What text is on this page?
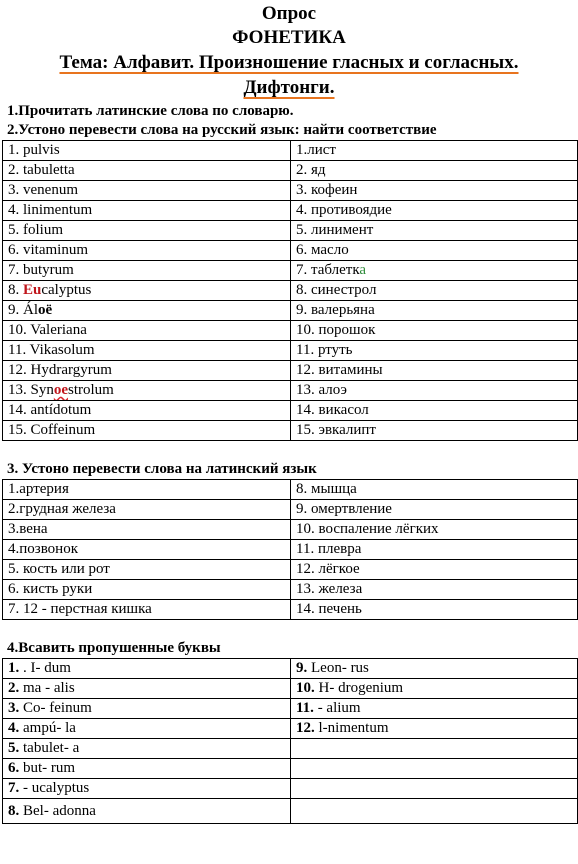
Опрос
ФОНЕТИКА
Тема: Алфавит. Произношение гласных и согласных.
Дифтонги.
1.Прочитать латинские слова по словарю.
2.Устоно перевести слова на русский язык: найти соответствие
1. pulvis	1.лист
2. tabuletta	2. яд
3. venenum	3. кофеин
4. linimentum	4. противоядие
5. folium	5. линимент
6. vitaminum	6. масло
7. butyrum	7. таблетка
8. Eucalyptus	8. синестрол
9. Áloë	9. валерьяна
10. Valeriana	10. порошок
11. Vikasolum	11. ртуть
12. Hydrargyrum	12. витамины
13. Synoestrolum	13. алоэ
14. antídotum	14. викасол
15. Coffeinum	15. эвкалипт
3. Устоно перевести слова на латинский язык
1.артерия	8. мышца
2.грудная железа	9. омертвление
3.вена	10. воспаление лёгких
4.позвонок	11. плевра
5. кость или рот	12. лёгкое
6. кисть руки	13. железа
7. 12 - перстная кишка	14. печень
4.Всавить пропушенные буквы
1. . I- dum	9. Leon- rus
2. ma - alis	10. H- drogenium
3. Co- feinum	11. - alium
4. ampú- la	12. l-nimentum
5. tabulet- a	
6. but- rum	
7. - ucalyptus	
8. Bel- adonna	
